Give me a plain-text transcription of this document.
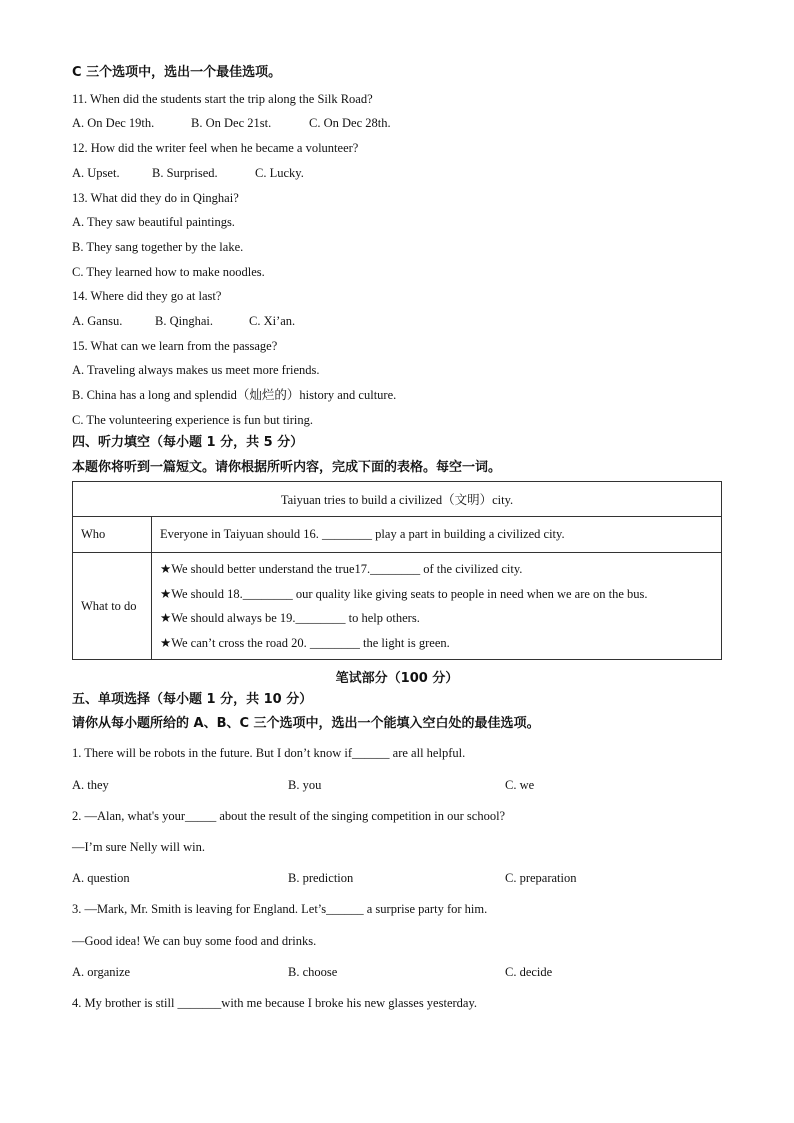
C 三个选项中，选出一个最佳选项。
11. When did the students start the trip along the Silk Road?
A. On Dec 19th.	B. On Dec 21st.	C. On Dec 28th.
12. How did the writer feel when he became a volunteer?
A. Upset.	B. Surprised.	C. Lucky.
13. What did they do in Qinghai?
A. They saw beautiful paintings.
B. They sang together by the lake.
C. They learned how to make noodles.
14. Where did they go at last?
A. Gansu.	B. Qinghai.	C. Xi’an.
15. What can we learn from the passage?
A. Traveling always makes us meet more friends.
B. China has a long and splendid（灿烂的）history and culture.
C. The volunteering experience is fun but tiring.
四、听力填空（每小题 1 分，共 5 分）
本题你将听到一篇短文。请你根据所听内容，完成下面的表格。每空一词。
Taiyuan tries to build a civilized（文明）city.	
Who	Everyone in Taiyuan should 16. ________ play a part in building a civilized city.
What to do	★We should better understand the true17.________ of the civilized city.
★We should 18.________ our quality like giving seats to people in need when we are on the bus.
★We should always be 19.________ to help others.
★We can’t cross the road 20. ________ the light is green.
笔试部分（100 分）
五、单项选择（每小题 1 分，共 10 分）
请你从每小题所给的 A、B、C 三个选项中，选出一个能填入空白处的最佳选项。
1. There will be robots in the future. But I don’t know if______ are all helpful.
A. they	B. you	C. we
2. —Alan, what's your_____ about the result of the singing competition in our school?
—I’m sure Nelly will win.
A. question	B. prediction	C. preparation
3. —Mark, Mr. Smith is leaving for England. Let’s______ a surprise party for him.
—Good idea! We can buy some food and drinks.
A. organize	B. choose	C. decide
4. My brother is still _______with me because I broke his new glasses yesterday.
